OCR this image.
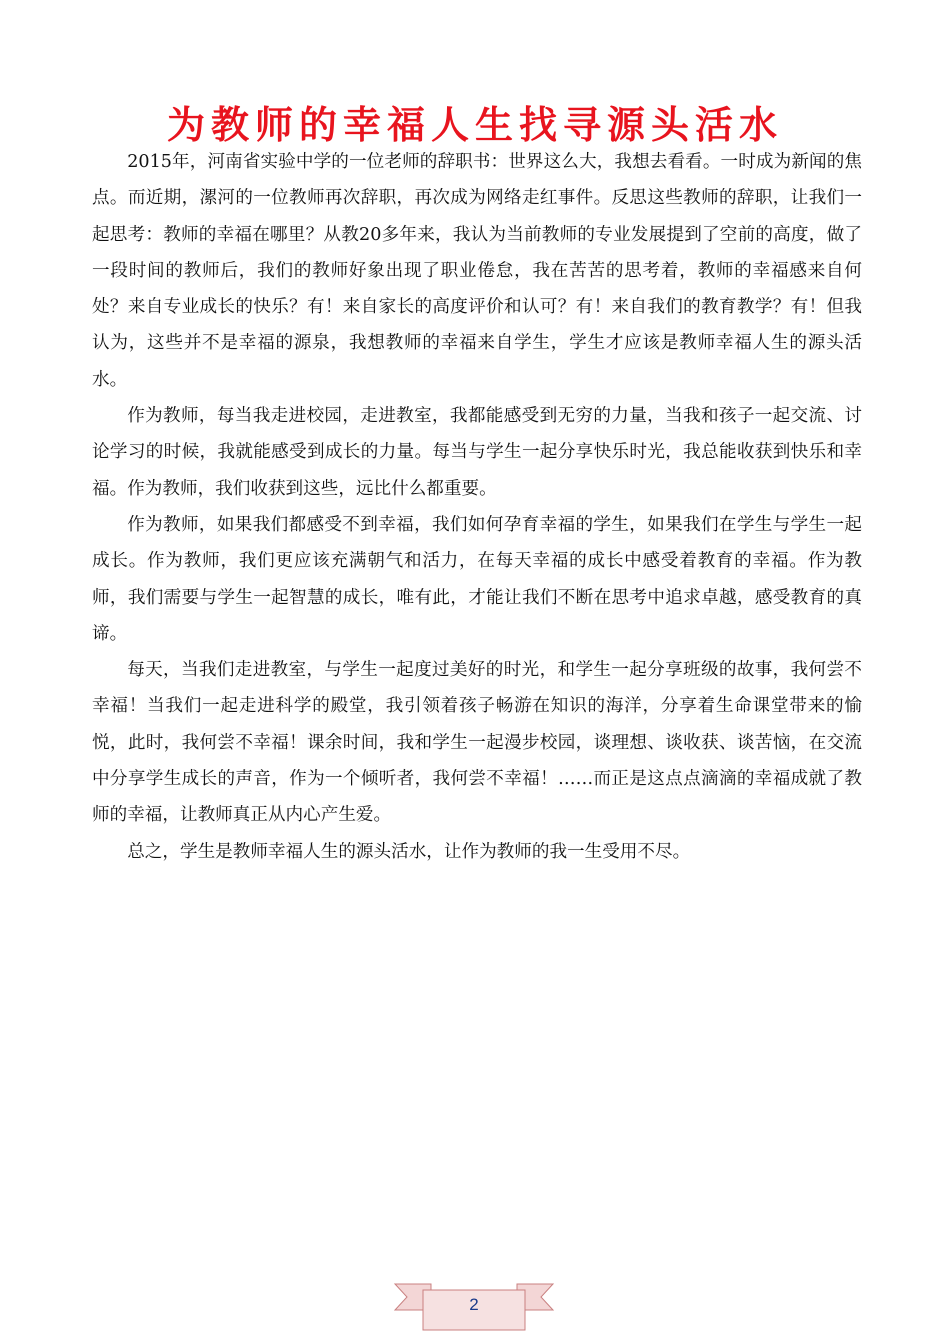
为教师的幸福人生找寻源头活水

2015年，河南省实验中学的一位老师的辞职书：世界这么大，我想去看看。一时成为新闻的焦点。而近期，漯河的一位教师再次辞职，再次成为网络走红事件。反思这些教师的辞职，让我们一起思考：教师的幸福在哪里？从教20多年来，我认为当前教师的专业发展提到了空前的高度，做了一段时间的教师后，我们的教师好象出现了职业倦怠，我在苦苦的思考着，教师的幸福感来自何处？来自专业成长的快乐？有！来自家长的高度评价和认可？有！来自我们的教育教学？有！但我认为，这些并不是幸福的源泉，我想教师的幸福来自学生，学生才应该是教师幸福人生的源头活水。

作为教师，每当我走进校园，走进教室，我都能感受到无穷的力量，当我和孩子一起交流、讨论学习的时候，我就能感受到成长的力量。每当与学生一起分享快乐时光，我总能收获到快乐和幸福。作为教师，我们收获到这些，远比什么都重要。

作为教师，如果我们都感受不到幸福，我们如何孕育幸福的学生，如果我们在学生与学生一起成长。作为教师，我们更应该充满朝气和活力，在每天幸福的成长中感受着教育的幸福。作为教师，我们需要与学生一起智慧的成长，唯有此，才能让我们不断在思考中追求卓越，感受教育的真谛。

每天，当我们走进教室，与学生一起度过美好的时光，和学生一起分享班级的故事，我何尝不幸福！当我们一起走进科学的殿堂，我引领着孩子畅游在知识的海洋，分享着生命课堂带来的愉悦，此时，我何尝不幸福！课余时间，我和学生一起漫步校园，谈理想、谈收获、谈苦恼，在交流中分享学生成长的声音，作为一个倾听者，我何尝不幸福！……而正是这点点滴滴的幸福成就了教师的幸福，让教师真正从内心产生爱。

总之，学生是教师幸福人生的源头活水，让作为教师的我一生受用不尽。

2
